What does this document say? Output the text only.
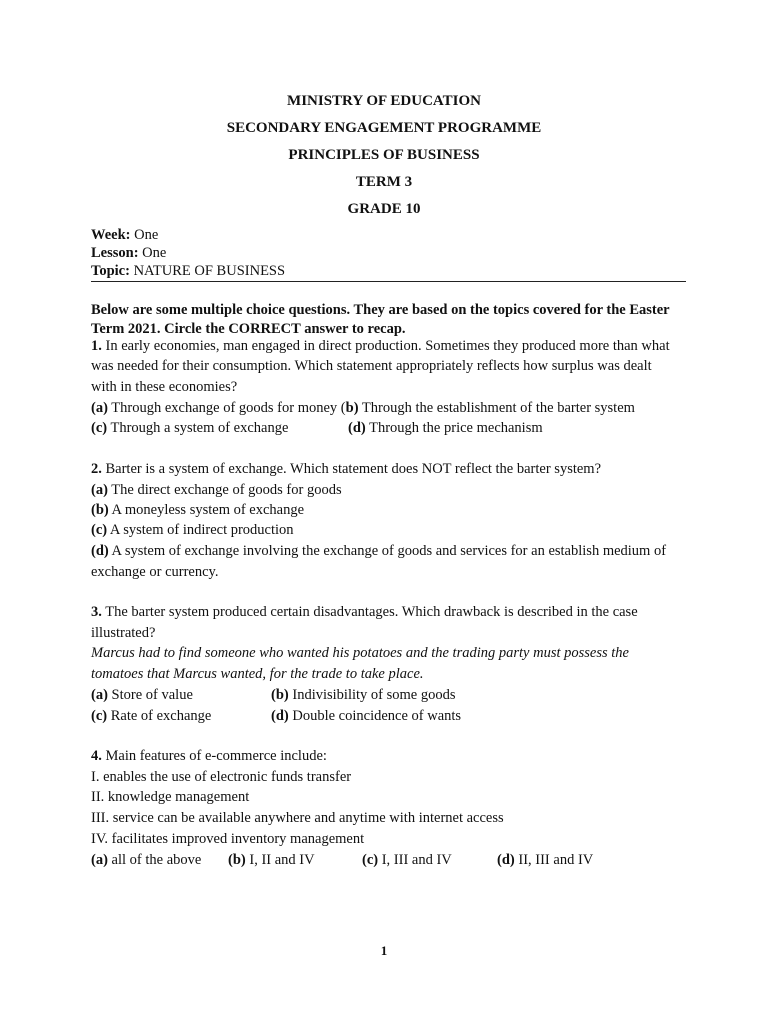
MINISTRY OF EDUCATION
SECONDARY ENGAGEMENT PROGRAMME
PRINCIPLES OF BUSINESS
TERM 3
GRADE 10
Week: One
Lesson: One
Topic: NATURE OF BUSINESS
Below are some multiple choice questions. They are based on the topics covered for the Easter
Term 2021. Circle the CORRECT answer to recap.
1. In early economies, man engaged in direct production. Sometimes they produced more than what
was needed for their consumption. Which statement appropriately reflects how surplus was dealt
with in these economies?
(a) Through exchange of goods for money (b) Through the establishment of the barter system
(c) Through a system of exchange	(d) Through the price mechanism
2. Barter is a system of exchange. Which statement does NOT reflect the barter system?
(a) The direct exchange of goods for goods
(b) A moneyless system of exchange
(c) A system of indirect production
(d) A system of exchange involving the exchange of goods and services for an establish medium of
exchange or currency.
3. The barter system produced certain disadvantages. Which drawback is described in the case
illustrated?
Marcus had to find someone who wanted his potatoes and the trading party must possess the
tomatoes that Marcus wanted, for the trade to take place.
(a) Store of value	(b) Indivisibility of some goods
(c) Rate of exchange	(d) Double coincidence of wants
4. Main features of e-commerce include:
I. enables the use of electronic funds transfer
II. knowledge management
III. service can be available anywhere and anytime with internet access
IV. facilitates improved inventory management
(a) all of the above (b) I, II and IV	(c) I, III and IV	(d) II, III and IV
1
